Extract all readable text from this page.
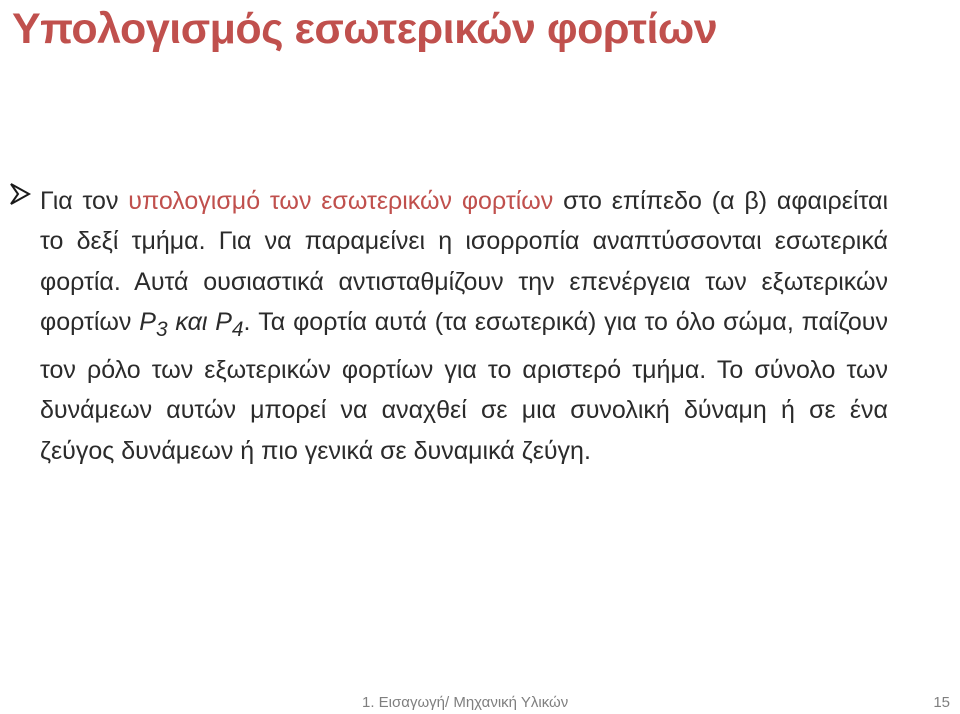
Υπολογισμός εσωτερικών φορτίων

Για τον υπολογισμό των εσωτερικών φορτίων στο επίπεδο (α β) αφαιρείται το δεξί τμήμα. Για να παραμείνει η ισορροπία αναπτύσσονται εσωτερικά φορτία. Αυτά ουσιαστικά αντισταθμίζουν την επενέργεια των εξωτερικών φορτίων $P_3$ και $P_4$. Τα φορτία αυτά (τα εσωτερικά) για το όλο σώμα, παίζουν τον ρόλο των εξωτερικών φορτίων για το αριστερό τμήμα. Το σύνολο των δυνάμεων αυτών μπορεί να αναχθεί σε μια συνολική δύναμη ή σε ένα ζεύγος δυνάμεων ή πιο γενικά σε δυναμικά ζεύγη.

1. Εισαγωγή/ Μηχανική Υλικών	15
